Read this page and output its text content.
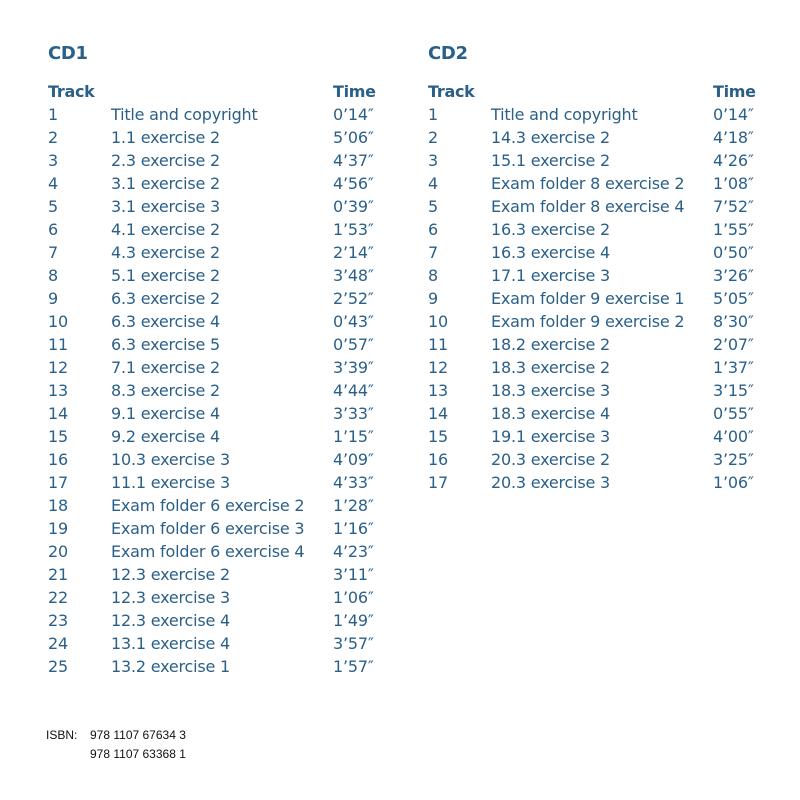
CD1
Track		Time
1	Title and copyright	0’14″
2	1.1 exercise 2	5’06″
3	2.3 exercise 2	4’37″
4	3.1 exercise 2	4’56″
5	3.1 exercise 3	0’39″
6	4.1 exercise 2	1’53″
7	4.3 exercise 2	2’14″
8	5.1 exercise 2	3’48″
9	6.3 exercise 2	2’52″
10	6.3 exercise 4	0’43″
11	6.3 exercise 5	0’57″
12	7.1 exercise 2	3’39″
13	8.3 exercise 2	4’44″
14	9.1 exercise 4	3’33″
15	9.2 exercise 4	1’15″
16	10.3 exercise 3	4’09″
17	11.1 exercise 3	4’33″
18	Exam folder 6 exercise 2	1’28″
19	Exam folder 6 exercise 3	1’16″
20	Exam folder 6 exercise 4	4’23″
21	12.3 exercise 2	3’11″
22	12.3 exercise 3	1’06″
23	12.3 exercise 4	1’49″
24	13.1 exercise 4	3’57″
25	13.2 exercise 1	1’57″
CD2
Track		Time
1	Title and copyright	0’14″
2	14.3 exercise 2	4’18″
3	15.1 exercise 2	4’26″
4	Exam folder 8 exercise 2	1’08″
5	Exam folder 8 exercise 4	7’52″
6	16.3 exercise 2	1’55″
7	16.3 exercise 4	0’50″
8	17.1 exercise 3	3’26″
9	Exam folder 9 exercise 1	5’05″
10	Exam folder 9 exercise 2	8’30″
11	18.2 exercise 2	2’07″
12	18.3 exercise 2	1’37″
13	18.3 exercise 3	3’15″
14	18.3 exercise 4	0’55″
15	19.1 exercise 3	4’00″
16	20.3 exercise 2	3’25″
17	20.3 exercise 3	1’06″
ISBN:	978 1107 67634 3
978 1107 63368 1
